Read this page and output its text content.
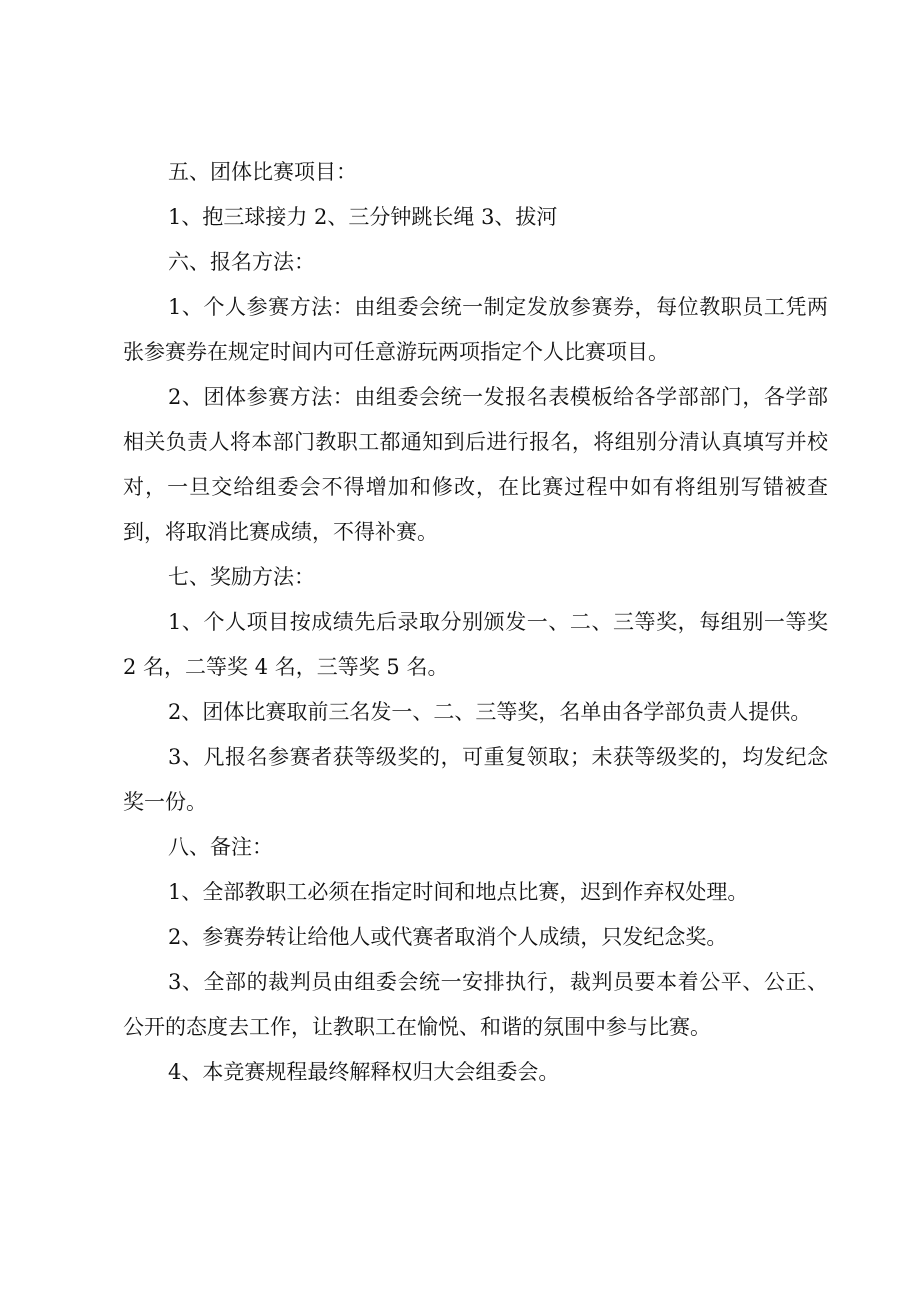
五、团体比赛项目：

1、抱三球接力 2、三分钟跳长绳 3、拔河

六、报名方法：

1、个人参赛方法：由组委会统一制定发放参赛券，每位教职员工凭两张参赛券在规定时间内可任意游玩两项指定个人比赛项目。

2、团体参赛方法：由组委会统一发报名表模板给各学部部门，各学部相关负责人将本部门教职工都通知到后进行报名，将组别分清认真填写并校对，一旦交给组委会不得增加和修改，在比赛过程中如有将组别写错被查到，将取消比赛成绩，不得补赛。

七、奖励方法：

1、个人项目按成绩先后录取分别颁发一、二、三等奖，每组别一等奖 2 名，二等奖 4 名，三等奖 5 名。

2、团体比赛取前三名发一、二、三等奖，名单由各学部负责人提供。

3、凡报名参赛者获等级奖的，可重复领取；未获等级奖的，均发纪念奖一份。

八、备注：

1、全部教职工必须在指定时间和地点比赛，迟到作弃权处理。

2、参赛券转让给他人或代赛者取消个人成绩，只发纪念奖。

3、全部的裁判员由组委会统一安排执行，裁判员要本着公平、公正、公开的态度去工作，让教职工在愉悦、和谐的氛围中参与比赛。

4、本竞赛规程最终解释权归大会组委会。
